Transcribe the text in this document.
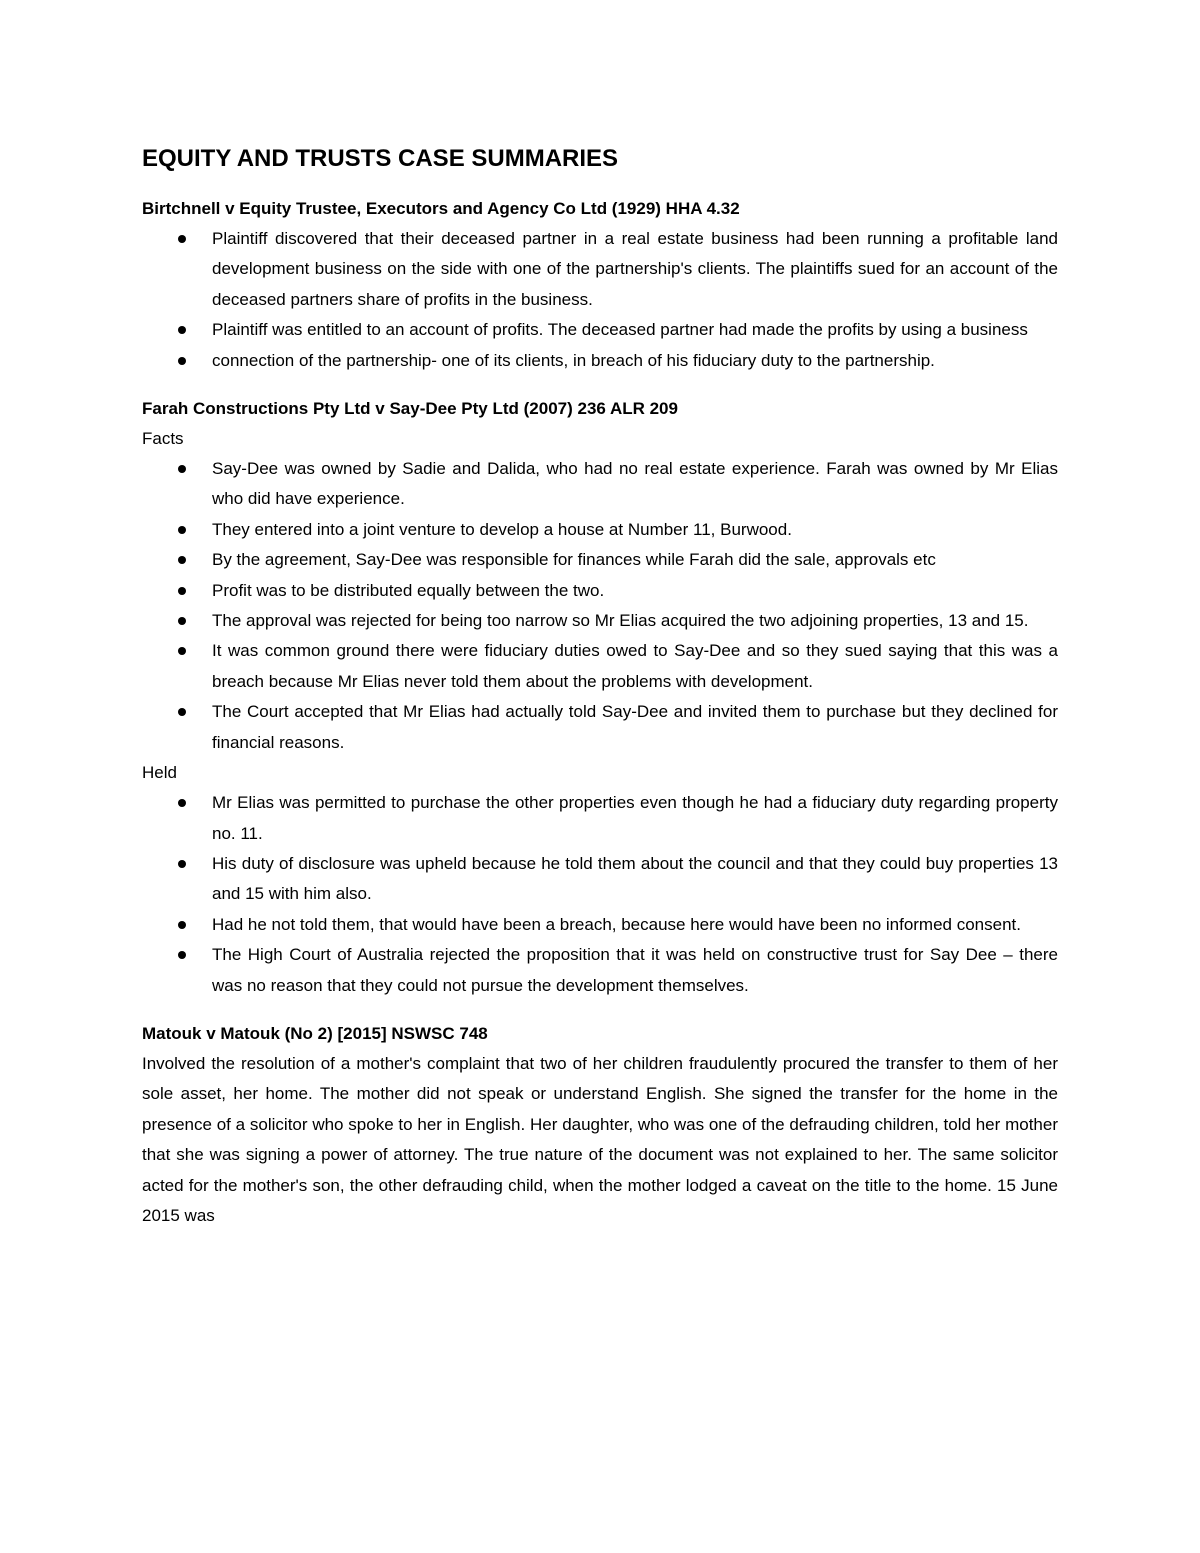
EQUITY AND TRUSTS CASE SUMMARIES

Birtchnell v Equity Trustee, Executors and Agency Co Ltd (1929) HHA 4.32

Plaintiff discovered that their deceased partner in a real estate business had been running a profitable land development business on the side with one of the partnership's clients. The plaintiffs sued for an account of the deceased partners share of profits in the business.
Plaintiff was entitled to an account of profits. The deceased partner had made the profits by using a business
connection of the partnership- one of its clients, in breach of his fiduciary duty to the partnership.

Farah Constructions Pty Ltd v Say-Dee Pty Ltd (2007) 236 ALR 209

Facts

Say-Dee was owned by Sadie and Dalida, who had no real estate experience. Farah was owned by Mr Elias who did have experience.
They entered into a joint venture to develop a house at Number 11, Burwood.
By the agreement, Say-Dee was responsible for finances while Farah did the sale, approvals etc
Profit was to be distributed equally between the two.
The approval was rejected for being too narrow so Mr Elias acquired the two adjoining properties, 13 and 15.
It was common ground there were fiduciary duties owed to Say-Dee and so they sued saying that this was a breach because Mr Elias never told them about the problems with development.
The Court accepted that Mr Elias had actually told Say-Dee and invited them to purchase but they declined for financial reasons.

Held

Mr Elias was permitted to purchase the other properties even though he had a fiduciary duty regarding property no. 11.
His duty of disclosure was upheld because he told them about the council and that they could buy properties 13 and 15 with him also.
Had he not told them, that would have been a breach, because here would have been no informed consent.
The High Court of Australia rejected the proposition that it was held on constructive trust for Say Dee – there was no reason that they could not pursue the development themselves.

Matouk v Matouk (No 2) [2015] NSWSC 748

Involved the resolution of a mother's complaint that two of her children fraudulently procured the transfer to them of her sole asset, her home. The mother did not speak or understand English. She signed the transfer for the home in the presence of a solicitor who spoke to her in English. Her daughter, who was one of the defrauding children, told her mother that she was signing a power of attorney. The true nature of the document was not explained to her. The same solicitor acted for the mother's son, the other defrauding child, when the mother lodged a caveat on the title to the home. 15 June 2015 was
